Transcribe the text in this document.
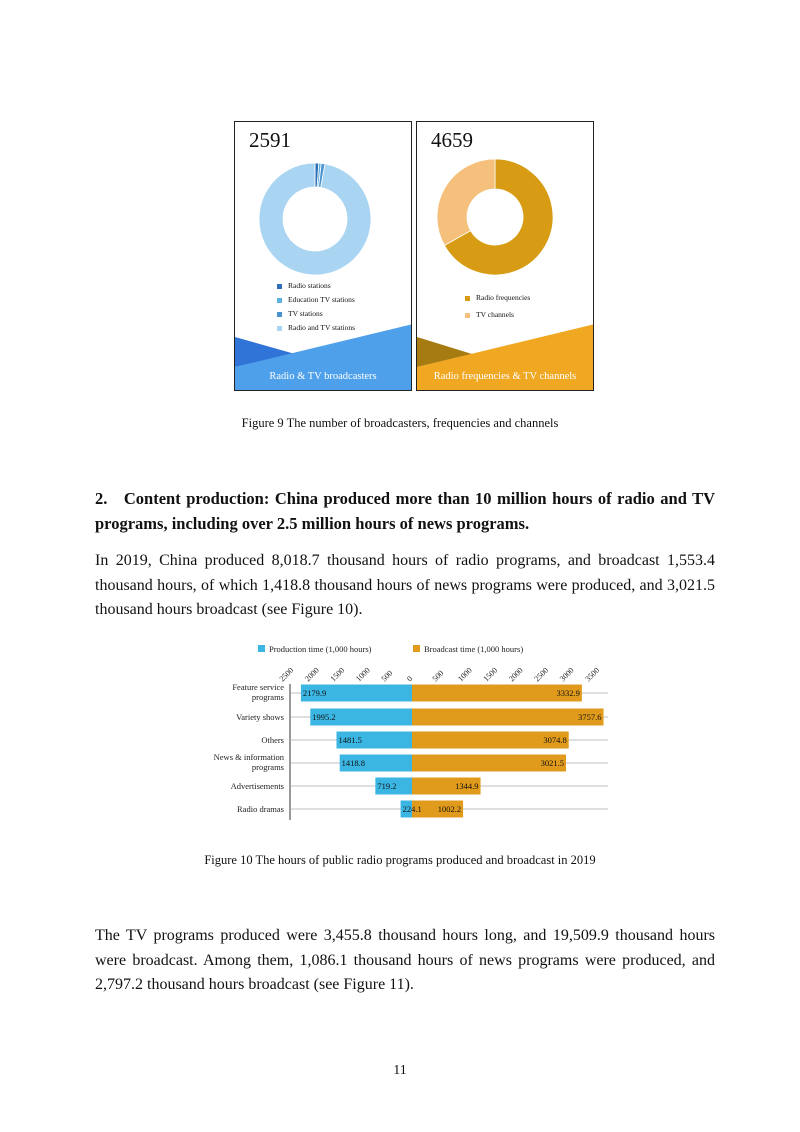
2591
Radio stations
Education TV stations
TV stations
Radio and TV stations
Radio & TV broadcasters
4659
Radio frequencies
TV channels
Radio frequencies & TV channels
Figure 9 The number of broadcasters, frequencies and channels
2.   Content production: China produced more than 10 million hours of radio and TV programs, including over 2.5 million hours of news programs.
In 2019, China produced 8,018.7 thousand hours of radio programs, and broadcast 1,553.4 thousand hours, of which 1,418.8 thousand hours of news programs were produced, and 3,021.5 thousand hours broadcast (see Figure 10).
Production time (1,000 hours)	Broadcast time (1,000 hours)
2500 2000 1500 1000 500 0 500 1000 1500 2000 2500 3000 3500
2179.9	3332.9
Feature service
programs
1995.2	3757.6
Variety shows
1481.5	3074.8
Others
1418.8	3021.5
News & information
programs
719.2	1344.9
Advertisements
224.1 1002.2
Radio dramas
Figure 10 The hours of public radio programs produced and broadcast in 2019
The TV programs produced were 3,455.8 thousand hours long, and 19,509.9 thousand hours were broadcast. Among them, 1,086.1 thousand hours of news programs were produced, and 2,797.2 thousand hours broadcast (see Figure 11).
11
